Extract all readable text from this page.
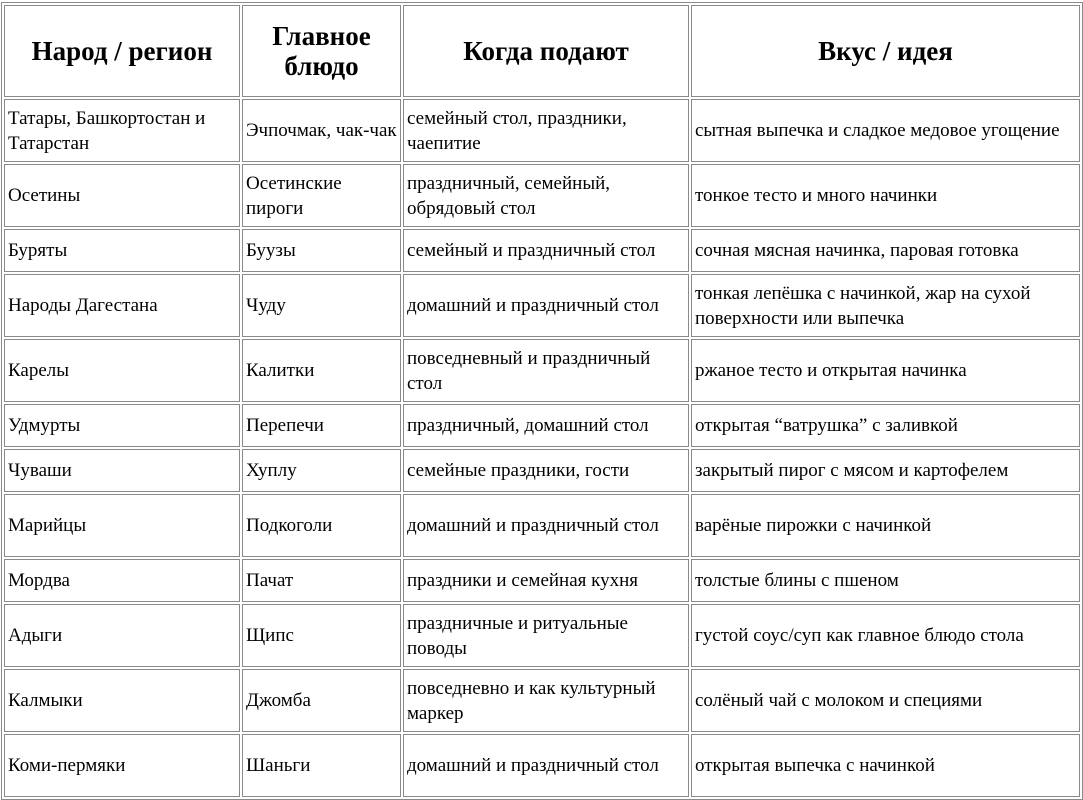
Народ / регион	Главное блюдо	Когда подают	Вкус / идея
Татары, Башкортостан и Татарстан	Эчпочмак, чак-чак	семейный стол, праздники, чаепитие	сытная выпечка и сладкое медовое угощение
Осетины	Осетинские пироги	праздничный, семейный, обрядовый стол	тонкое тесто и много начинки
Буряты	Буузы	семейный и праздничный стол	сочная мясная начинка, паровая готовка
Народы Дагестана	Чуду	домашний и праздничный стол	тонкая лепёшка с начинкой, жар на сухой поверхности или выпечка
Карелы	Калитки	повседневный и праздничный стол	ржаное тесто и открытая начинка
Удмурты	Перепечи	праздничный, домашний стол	открытая “ватрушка” с заливкой
Чуваши	Хуплу	семейные праздники, гости	закрытый пирог с мясом и картофелем
Марийцы	Подкоголи	домашний и праздничный стол	варёные пирожки с начинкой
Мордва	Пачат	праздники и семейная кухня	толстые блины с пшеном
Адыги	Щипс	праздничные и ритуальные поводы	густой соус/суп как главное блюдо стола
Калмыки	Джомба	повседневно и как культурный маркер	солёный чай с молоком и специями
Коми-пермяки	Шаньги	домашний и праздничный стол	открытая выпечка с начинкой
